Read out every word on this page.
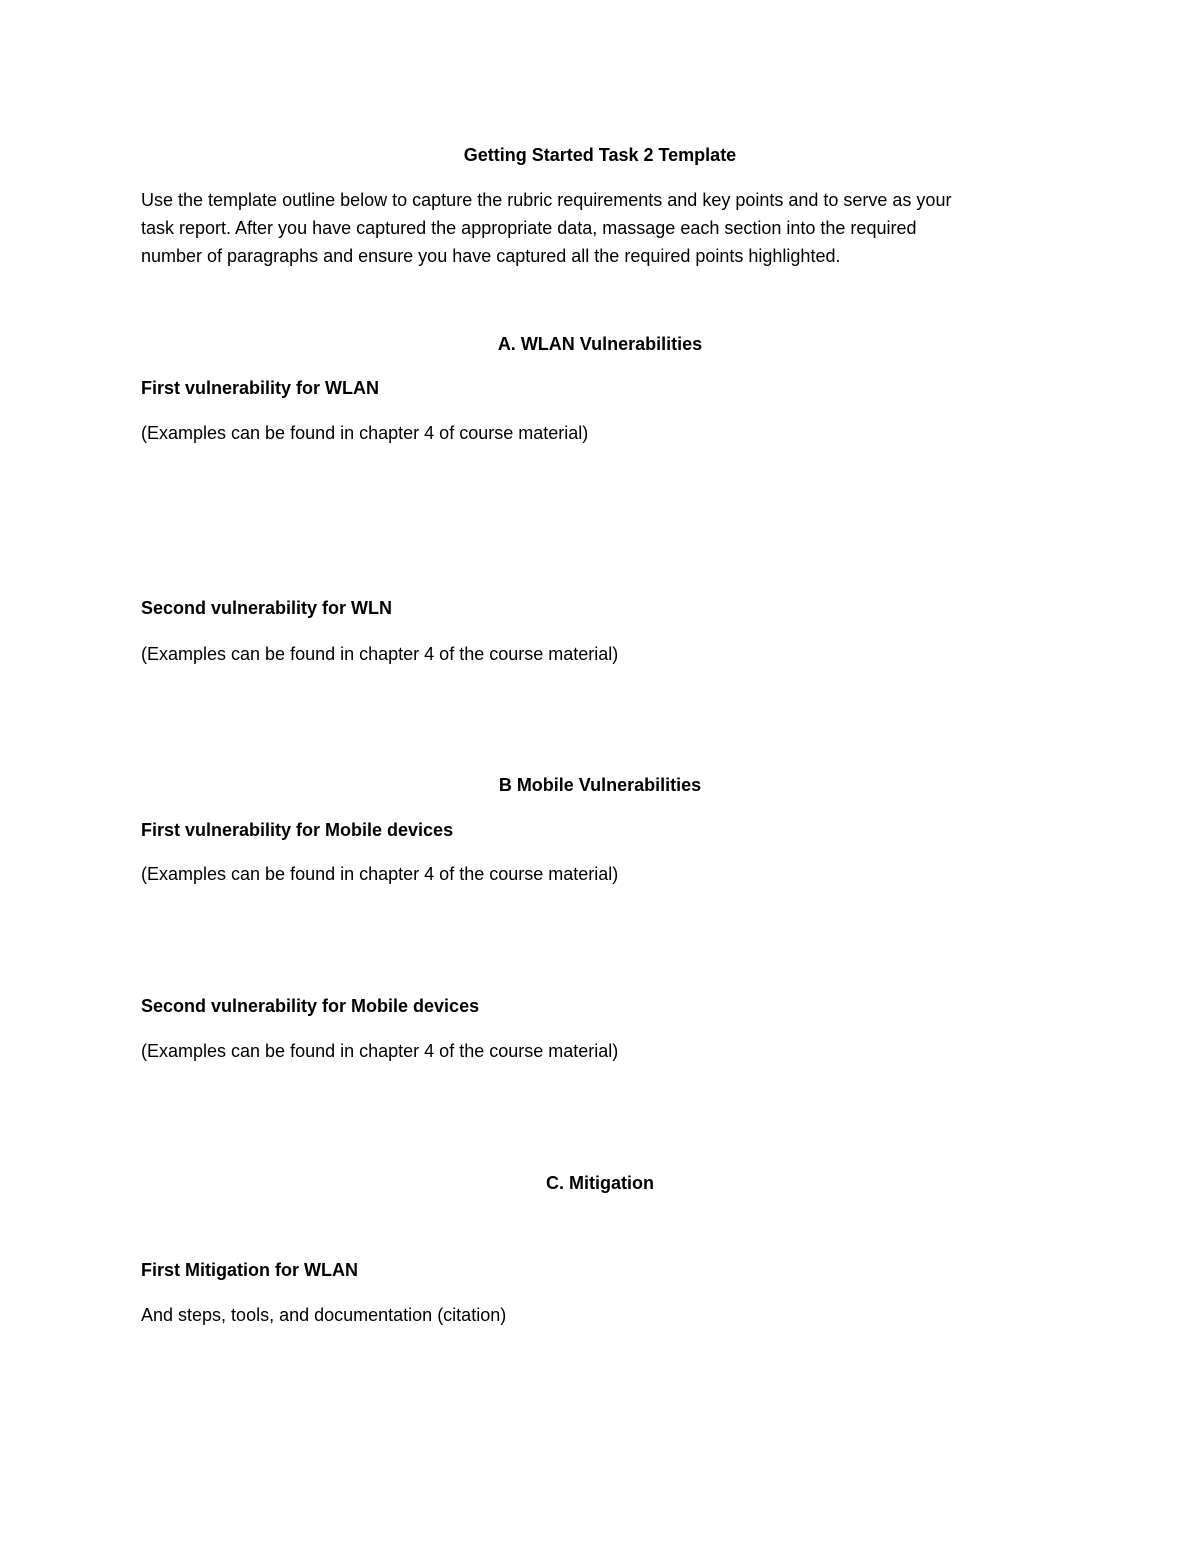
Getting Started Task 2 Template
Use the template outline below to capture the rubric requirements and key points and to serve as your
task report. After you have captured the appropriate data, massage each section into the required
number of paragraphs and ensure you have captured all the required points highlighted.
A. WLAN Vulnerabilities
First vulnerability for WLAN

(Examples can be found in chapter 4 of course material)

Second vulnerability for WLN

(Examples can be found in chapter 4 of the course material)

B Mobile Vulnerabilities
First vulnerability for Mobile devices

(Examples can be found in chapter 4 of the course material)

Second vulnerability for Mobile devices

(Examples can be found in chapter 4 of the course material)

C. Mitigation
First Mitigation for WLAN

And steps, tools, and documentation (citation)
